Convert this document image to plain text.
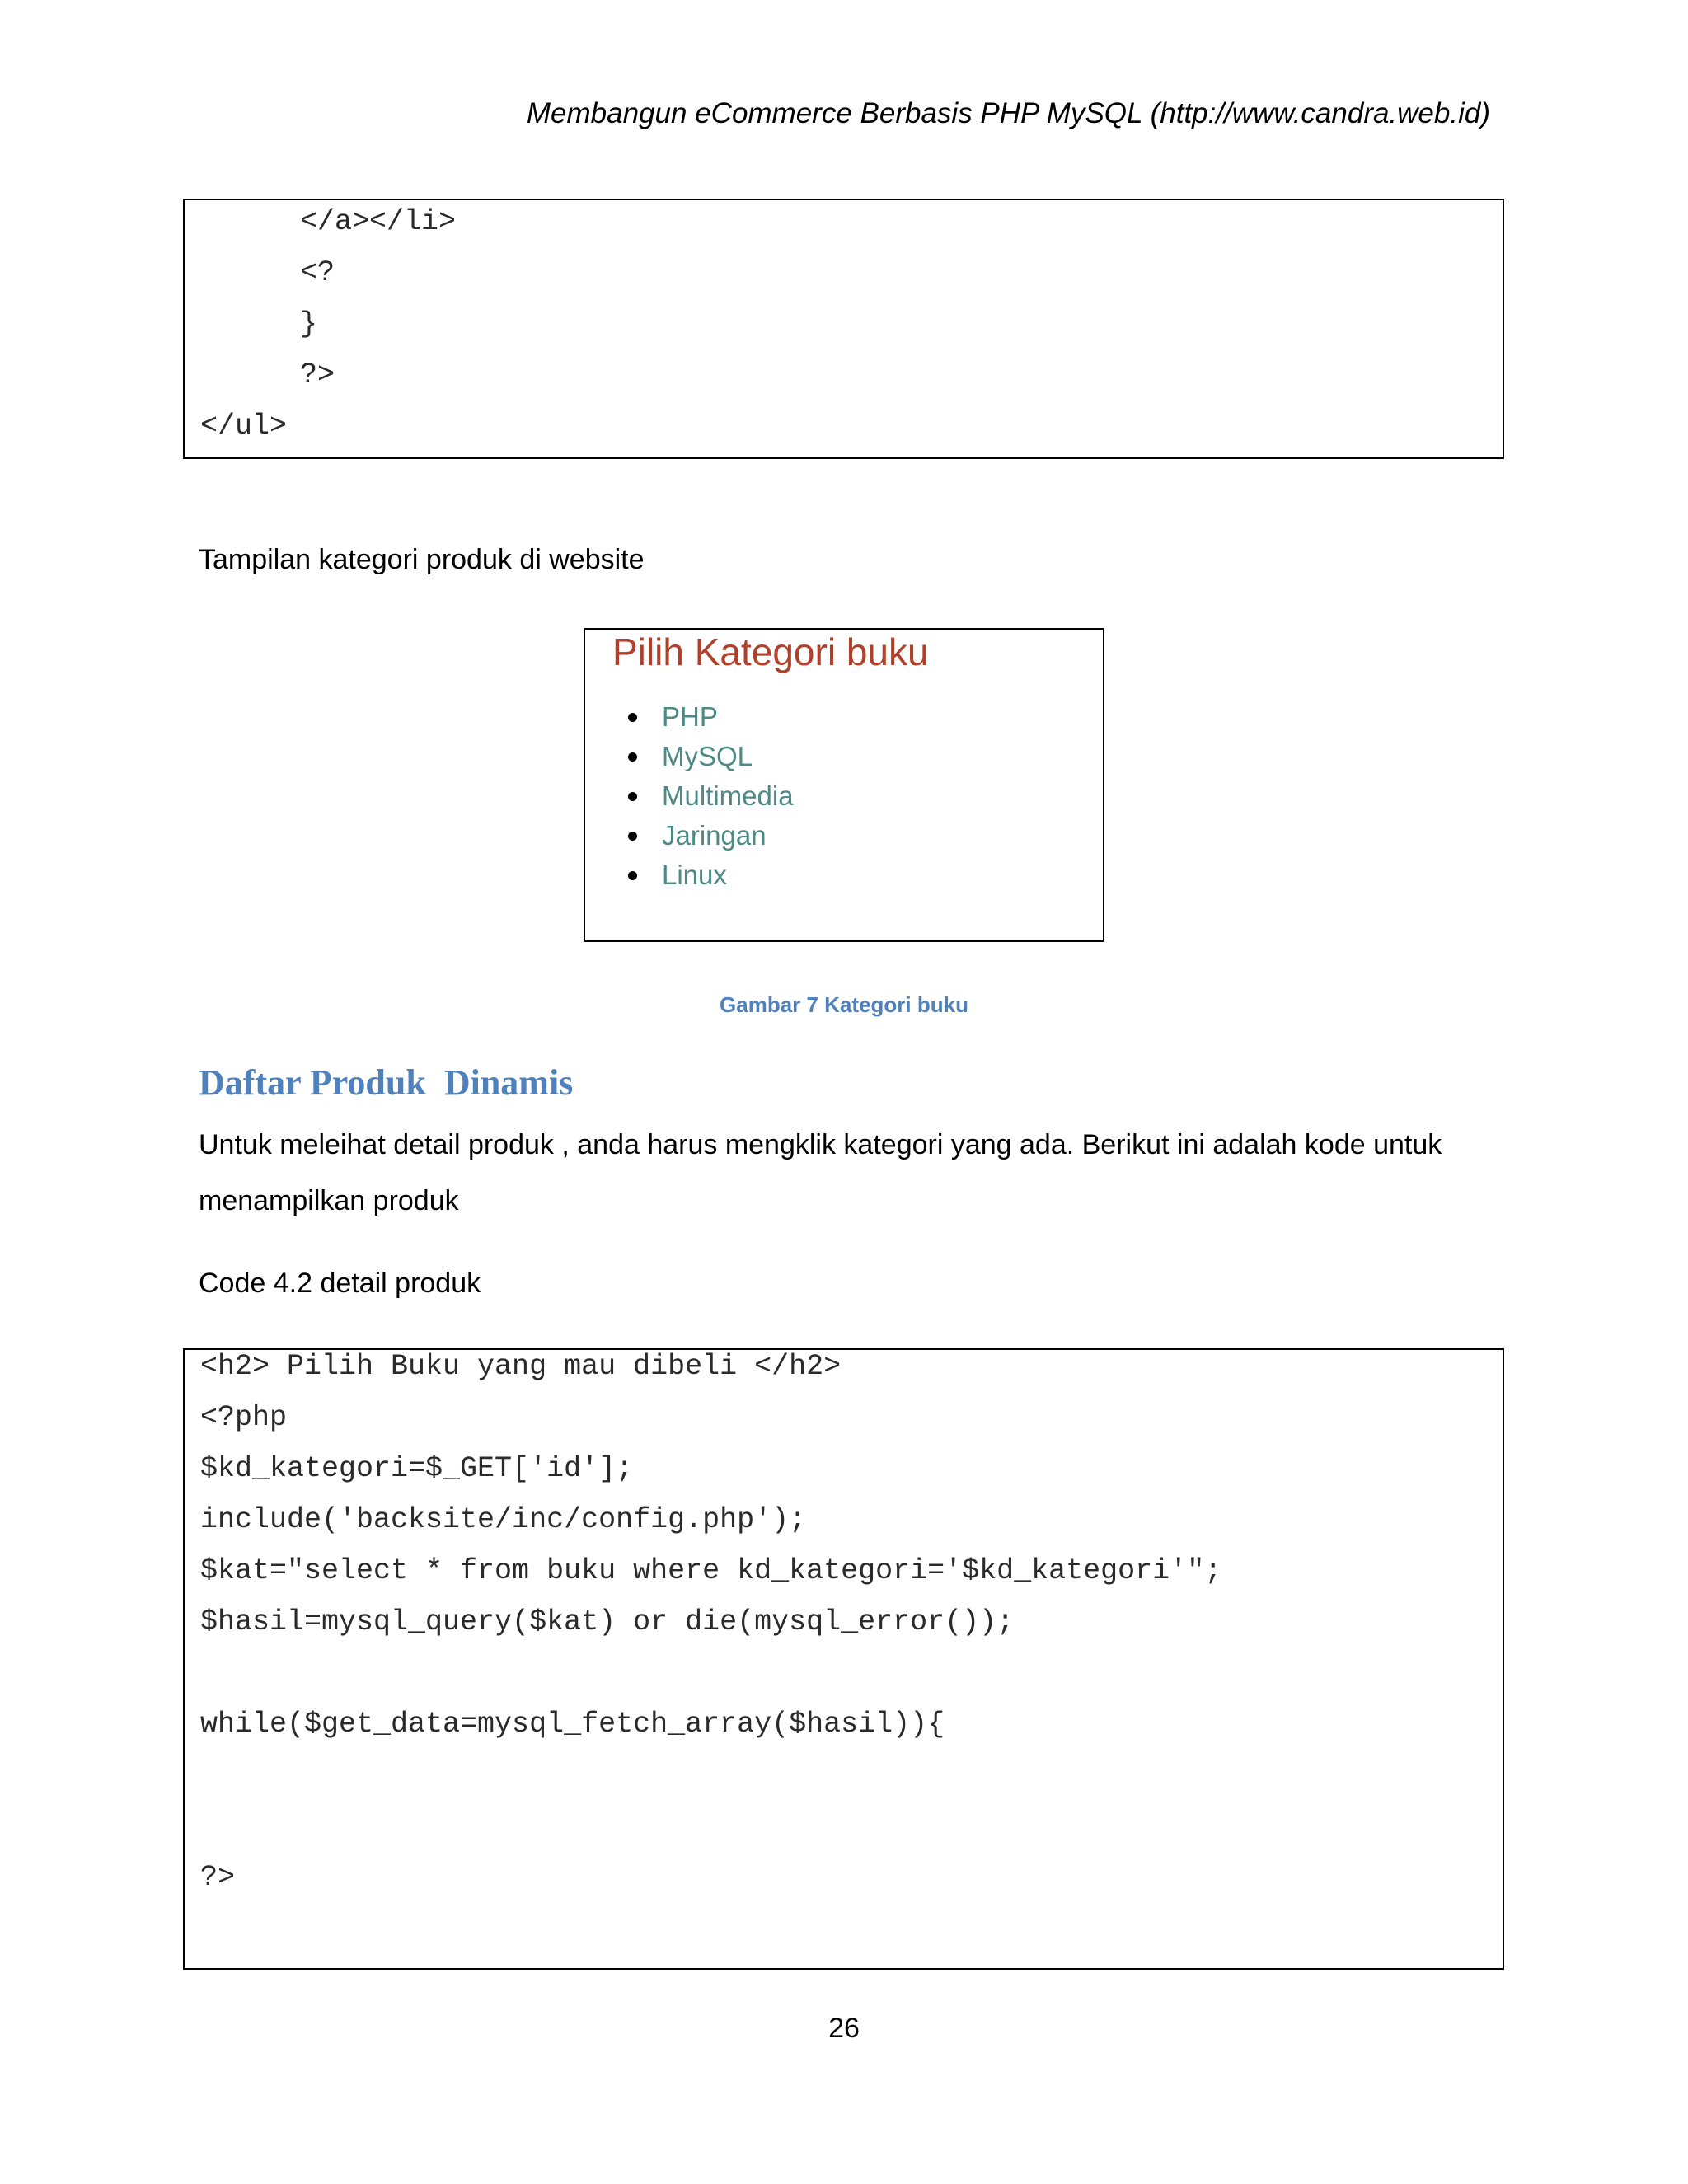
Membangun eCommerce Berbasis PHP MySQL (http://www.candra.web.id)
</a></li>
<?
}
?>
</ul>
Tampilan kategori produk di website
Pilih Kategori buku
PHP
MySQL
Multimedia
Jaringan
Linux
Gambar 7 Kategori buku
Daftar Produk  Dinamis
Untuk meleihat detail produk , anda harus mengklik kategori yang ada. Berikut ini adalah kode untuk
menampilkan produk
Code 4.2 detail produk
<h2> Pilih Buku yang mau dibeli </h2>
<?php
$kd_kategori=$_GET['id'];
include('backsite/inc/config.php');
$kat="select * from buku where kd_kategori='$kd_kategori'";
$hasil=mysql_query($kat) or die(mysql_error());
while($get_data=mysql_fetch_array($hasil)){
?>
26
